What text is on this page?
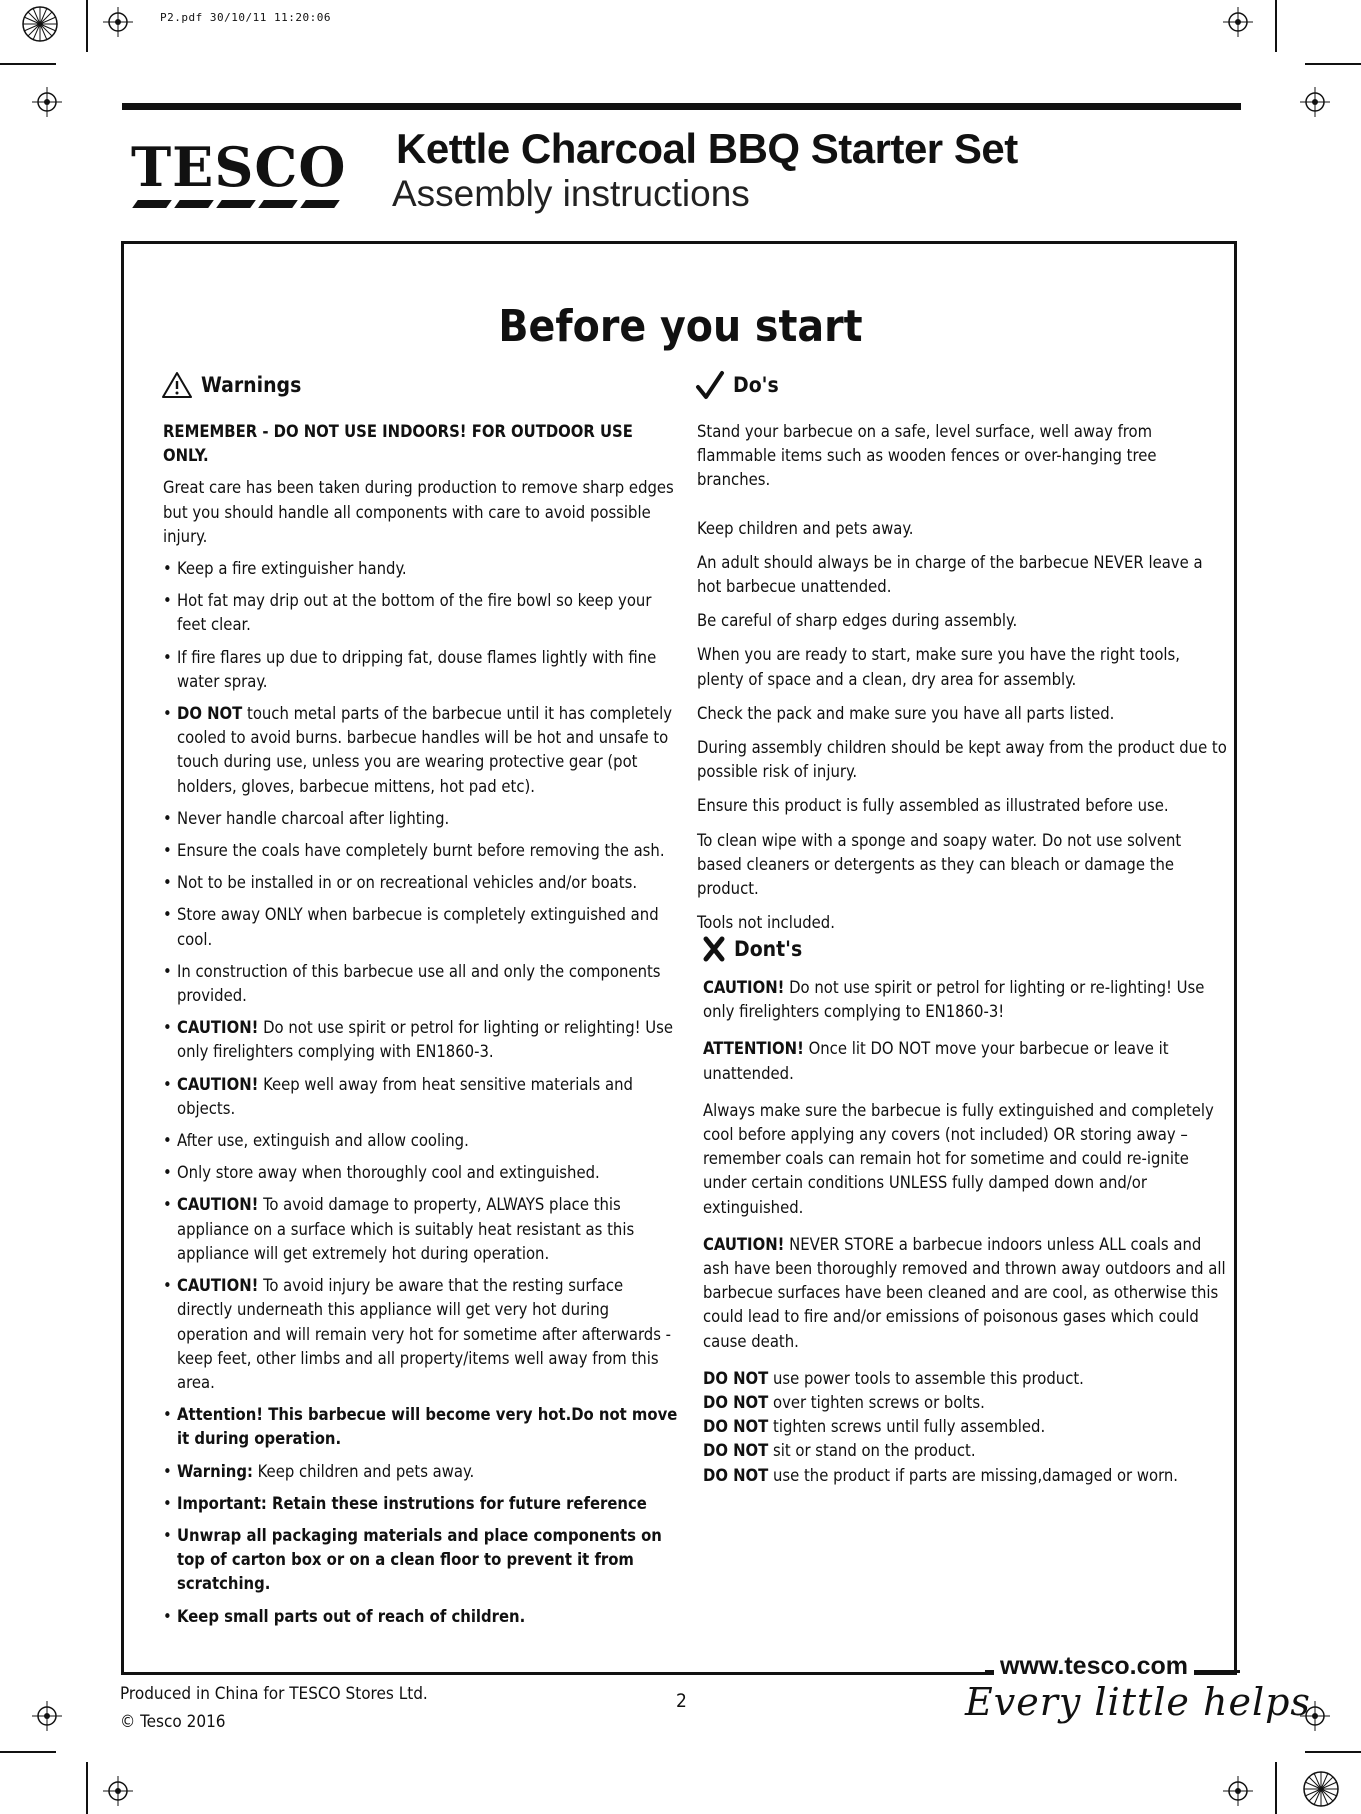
P2.pdf 30/10/11 11:20:06
TESCO Kettle Charcoal BBQ Starter Set
Assembly instructions
Before you start
Warnings	Do's
Dont's

REMEMBER - DO NOT USE INDOORS! FOR OUTDOOR USE ONLY.

Great care has been taken during production to remove sharp edges but you should handle all components with care to avoid possible injury.

• Keep a fire extinguisher handy.
• Hot fat may drip out at the bottom of the fire bowl so keep your feet clear.
• If fire flares up due to dripping fat, douse flames lightly with fine water spray.
• DO NOT touch metal parts of the barbecue until it has completely cooled to avoid burns. barbecue handles will be hot and unsafe to touch during use, unless you are wearing protective gear (pot holders, gloves, barbecue mittens, hot pad etc).
• Never handle charcoal after lighting.
• Ensure the coals have completely burnt before removing the ash.
• Not to be installed in or on recreational vehicles and/or boats.
• Store away ONLY when barbecue is completely extinguished and cool.
• In construction of this barbecue use all and only the components provided.
• CAUTION! Do not use spirit or petrol for lighting or relighting! Use only firelighters complying with EN1860-3.
• CAUTION! Keep well away from heat sensitive materials and objects.
• After use, extinguish and allow cooling.
• Only store away when thoroughly cool and extinguished.
• CAUTION! To avoid damage to property, ALWAYS place this appliance on a surface which is suitably heat resistant as this appliance will get extremely hot during operation.
• CAUTION! To avoid injury be aware that the resting surface directly underneath this appliance will get very hot during operation and will remain very hot for sometime after afterwards - keep feet, other limbs and all property/items well away from this area.
• Attention! This barbecue will become very hot.Do not move it during operation.
• Warning: Keep children and pets away.
• Important: Retain these instrutions for future reference
• Unwrap all packaging materials and place components on top of carton box or on a clean floor to prevent it from scratching.
• Keep small parts out of reach of children.

Stand your barbecue on a safe, level surface, well away from flammable items such as wooden fences or over-hanging tree branches.

Keep children and pets away.

An adult should always be in charge of the barbecue NEVER leave a hot barbecue unattended.

Be careful of sharp edges during assembly.

When you are ready to start, make sure you have the right tools, plenty of space and a clean, dry area for assembly.

Check the pack and make sure you have all parts listed.

During assembly children should be kept away from the product due to possible risk of injury.

Ensure this product is fully assembled as illustrated before use.

To clean wipe with a sponge and soapy water. Do not use solvent based cleaners or detergents as they can bleach or damage the product.

Tools not included.

CAUTION! Do not use spirit or petrol for lighting or re-lighting! Use only firelighters complying to EN1860-3!

ATTENTION! Once lit DO NOT move your barbecue or leave it unattended.

Always make sure the barbecue is fully extinguished and completely cool before applying any covers (not included) OR storing away – remember coals can remain hot for sometime and could re-ignite under certain conditions UNLESS fully damped down and/or extinguished.

CAUTION! NEVER STORE a barbecue indoors unless ALL coals and ash have been thoroughly removed and thrown away outdoors and all barbecue surfaces have been cleaned and are cool, as otherwise this could lead to fire and/or emissions of poisonous gases which could cause death.

DO NOT use power tools to assemble this product.

DO NOT over tighten screws or bolts.

DO NOT tighten screws until fully assembled.

DO NOT sit or stand on the product.

DO NOT use the product if parts are missing,damaged or worn.

www.tesco.com
Every little helps
Produced in China for TESCO Stores Ltd.
© Tesco 2016
2
